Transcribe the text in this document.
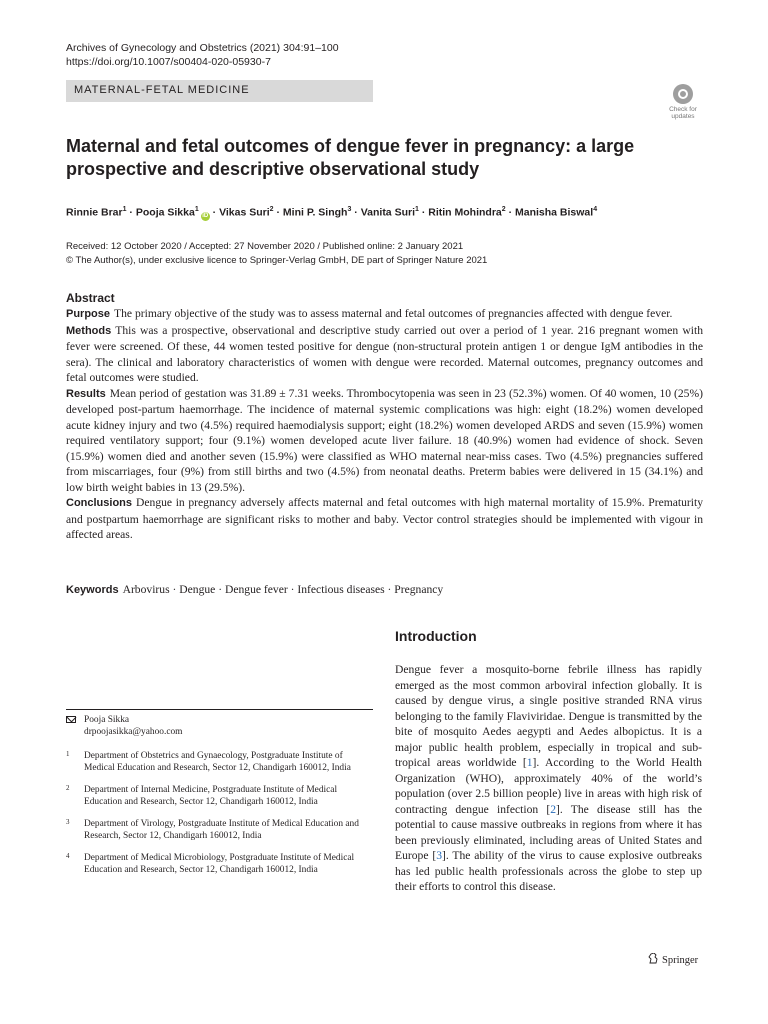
Archives of Gynecology and Obstetrics (2021) 304:91–100
https://doi.org/10.1007/s00404-020-05930-7
MATERNAL-FETAL MEDICINE
Check for
updates
Maternal and fetal outcomes of dengue fever in pregnancy: a large prospective and descriptive observational study
Rinnie Brar$^1$ · Pooja Sikka$^1$iD · Vikas Suri$^2$ · Mini P. Singh$^3$ · Vanita Suri$^1$ · Ritin Mohindra$^2$ · Manisha Biswal$^4$
Received: 12 October 2020 / Accepted: 27 November 2020 / Published online: 2 January 2021
© The Author(s), under exclusive licence to Springer-Verlag GmbH, DE part of Springer Nature 2021
Abstract

Purpose The primary objective of the study was to assess maternal and fetal outcomes of pregnancies affected with dengue fever.

Methods This was a prospective, observational and descriptive study carried out over a period of 1 year. 216 pregnant women with fever were screened. Of these, 44 women tested positive for dengue (non-structural protein antigen 1 or dengue IgM antibodies in the sera). The clinical and laboratory characteristics of women with dengue were recorded. Maternal outcomes, pregnancy outcomes and fetal outcomes were studied.

Results Mean period of gestation was 31.89 ± 7.31 weeks. Thrombocytopenia was seen in 23 (52.3%) women. Of 40 women, 10 (25%) developed post-partum haemorrhage. The incidence of maternal systemic complications was high: eight (18.2%) women developed acute kidney injury and two (4.5%) required haemodialysis support; eight (18.2%) women developed ARDS and seven (15.9%) women required ventilatory support; four (9.1%) women developed acute liver failure. 18 (40.9%) women had evidence of shock. Seven (15.9%) women died and another seven (15.9%) were classified as WHO maternal near-miss cases. Two (4.5%) pregnancies suffered from miscarriages, four (9%) from still births and two (4.5%) from neonatal deaths. Preterm babies were delivered in 15 (34.1%) and low birth weight babies in 13 (29.5%).

Conclusions Dengue in pregnancy adversely affects maternal and fetal outcomes with high maternal mortality of 15.9%. Prematurity and postpartum haemorrhage are significant risks to mother and baby. Vector control strategies should be implemented with vigour in affected areas.

Keywords Arbovirus · Dengue · Dengue fever · Infectious diseases · Pregnancy
Introduction
Dengue fever a mosquito-borne febrile illness has rapidly emerged as the most common arboviral infection globally. It is caused by dengue virus, a single positive stranded RNA virus belonging to the family Flaviviridae. Dengue is transmitted by the bite of mosquito Aedes aegypti and Aedes albopictus. It is a major public health problem, especially in tropical and sub-tropical areas worldwide [1]. According to the World Health Organization (WHO), approximately 40% of the world’s population (over 2.5 billion people) live in areas with high risk of contracting dengue infection [2]. The disease still has the potential to cause massive outbreaks in regions from where it has been previously eliminated, including areas of United States and Europe [3]. The ability of the virus to cause explosive outbreaks has led public health professionals across the globe to step up their efforts to control this disease.
Pooja Sikka
drpoojasikka@yahoo.com
1 Department of Obstetrics and Gynaecology, Postgraduate Institute of Medical Education and Research, Sector 12, Chandigarh 160012, India
2 Department of Internal Medicine, Postgraduate Institute of Medical Education and Research, Sector 12, Chandigarh 160012, India
3 Department of Virology, Postgraduate Institute of Medical Education and Research, Sector 12, Chandigarh 160012, India
4 Department of Medical Microbiology, Postgraduate Institute of Medical Education and Research, Sector 12, Chandigarh 160012, India
Springer
